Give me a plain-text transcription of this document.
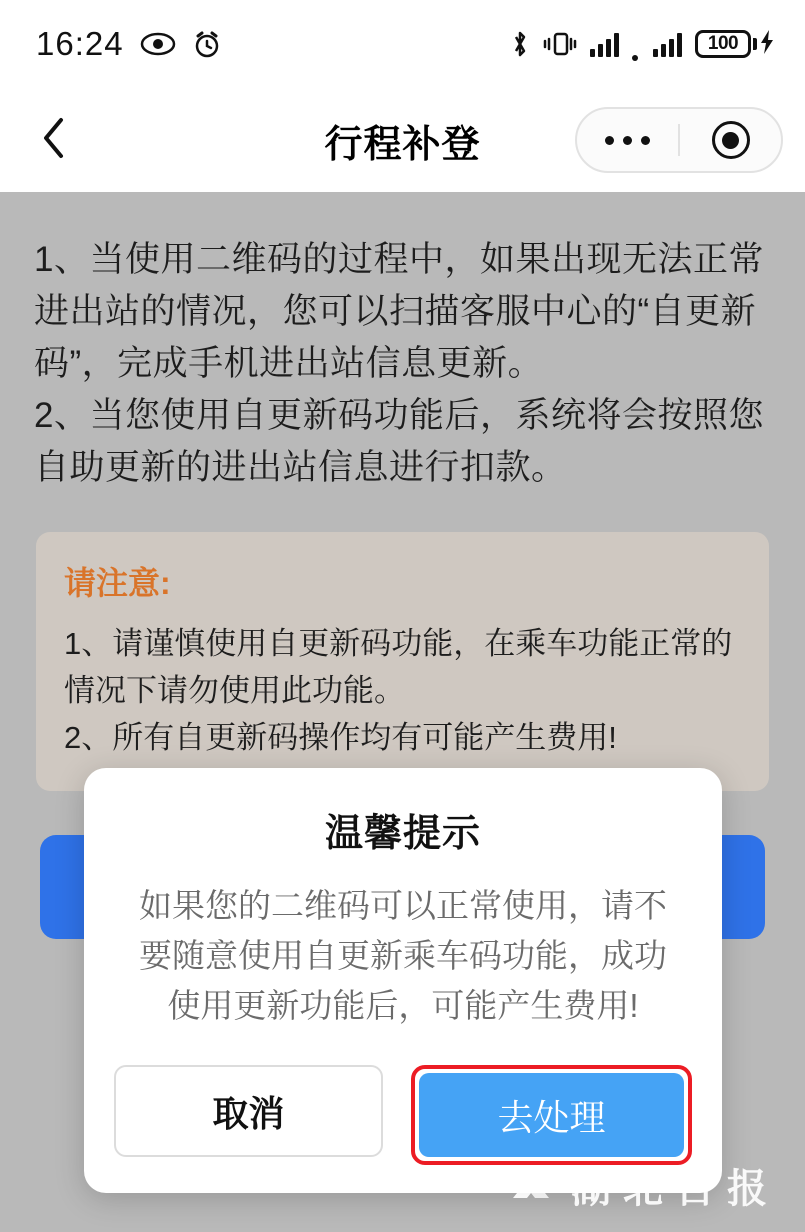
16:24	100
行程补登

1、当使用二维码的过程中，如果出现无法正常进出站的情况，您可以扫描客服中心的“自更新码”，完成手机进出站信息更新。

2、当您使用自更新码功能后，系统将会按照您自助更新的进出站信息进行扣款。

请注意:
1、请谨慎使用自更新码功能，在乘车功能正常的情况下请勿使用此功能。
2、所有自更新码操作均有可能产生费用!
温馨提示
如果您的二维码可以正常使用，请不要随意使用自更新乘车码功能，成功使用更新功能后，可能产生费用!
取消	去处理
湖北日报
